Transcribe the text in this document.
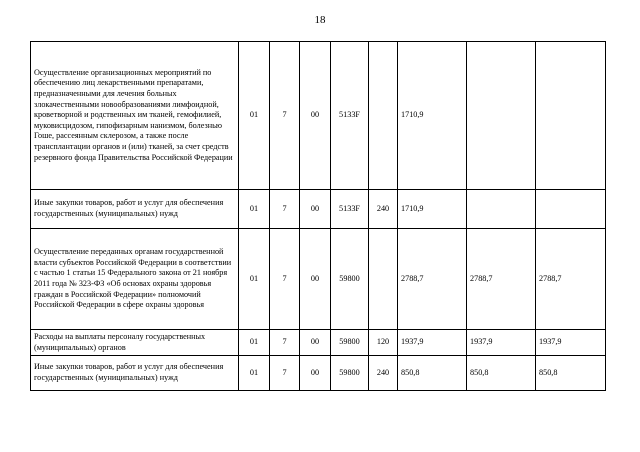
18
Осуществление организационных мероприятий по обеспечению лиц лекарственными препаратами, предназначенными для лечения больных злокачественными новообразованиями лимфоидной, кроветворной и родственных им тканей, гемофилией, муковисцидозом, гипофизарным нанизмом, болезнью Гоше, рассеянным склерозом, а также после трансплантации органов и (или) тканей, за счет средств резервного фонда Правительства Российской Федерации	01	7	00	5133F		1710,9		
Иные закупки товаров, работ и услуг для обеспечения государственных (муниципальных) нужд	01	7	00	5133F	240	1710,9		
Осуществление переданных органам государственной власти субъектов Российской Федерации в соответствии с частью 1 статьи 15 Федерального закона от 21 ноября 2011 года № 323-ФЗ «Об основах охраны здоровья граждан в Российской Федерации» полномочий Российской Федерации в сфере охраны здоровья	01	7	00	59800		2788,7	2788,7	2788,7
Расходы на выплаты персоналу государственных (муниципальных) органов	01	7	00	59800	120	1937,9	1937,9	1937,9
Иные закупки товаров, работ и услуг для обеспечения государственных (муниципальных) нужд	01	7	00	59800	240	850,8	850,8	850,8
